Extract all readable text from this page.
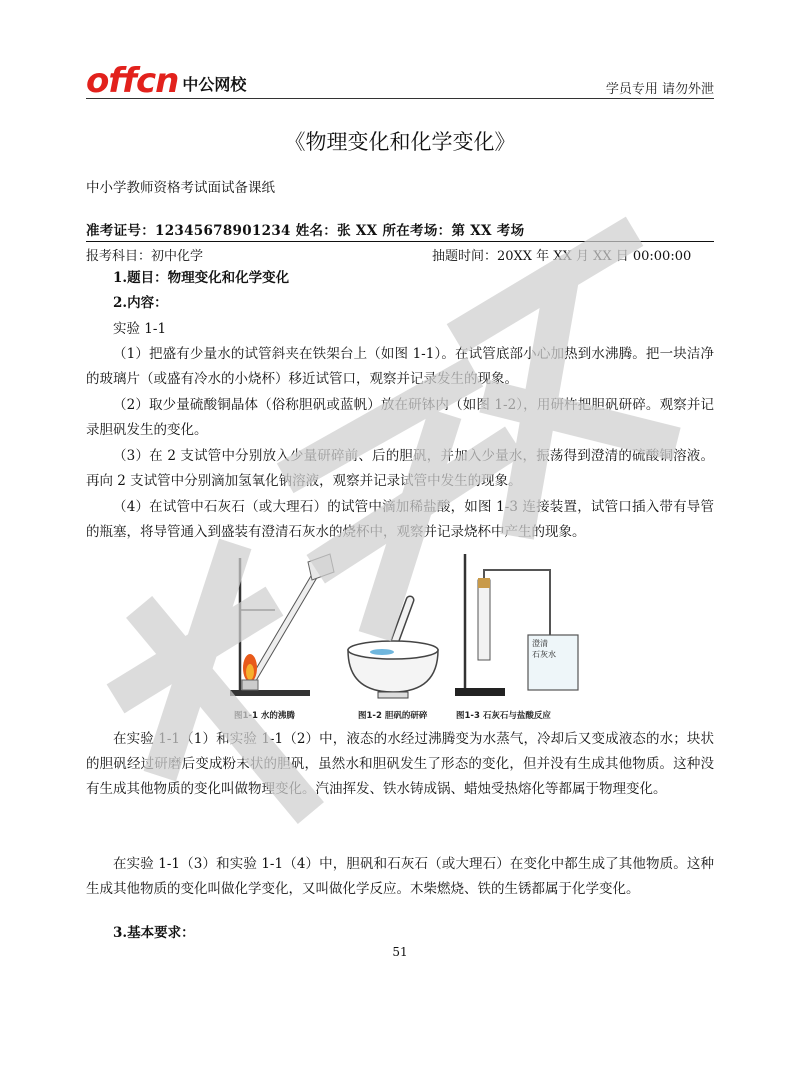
offcn 中公网校	学员专用 请勿外泄
《物理变化和化学变化》
中小学教师资格考试面试备课纸
准考证号：12345678901234 姓名：张 XX 所在考场：第 XX 考场
报考科目：初中化学	抽题时间：20XX 年 XX 月 XX 日 00:00:00
1.题目：物理变化和化学变化
2.内容：
实验 1-1
（1）把盛有少量水的试管斜夹在铁架台上（如图 1-1）。在试管底部小心加热到水沸腾。把一块洁净的玻璃片（或盛有冷水的小烧杯）移近试管口，观察并记录发生的现象。
（2）取少量硫酸铜晶体（俗称胆矾或蓝帆）放在研钵内（如图 1-2），用研杵把胆矾研碎。观察并记录胆矾发生的变化。
（3）在 2 支试管中分别放入少量研碎前、后的胆矾，并加入少量水，振荡得到澄清的硫酸铜溶液。再向 2 支试管中分别滴加氢氧化钠溶液，观察并记录试管中发生的现象。
（4）在试管中石灰石（或大理石）的试管中滴加稀盐酸，如图 1-3 连接装置，试管口插入带有导管的瓶塞，将导管通入到盛装有澄清石灰水的烧杯中，观察并记录烧杯中产生的现象。
图1-1 水的沸腾	图1-2 胆矾的研碎
澄清
石灰水
图1-3 石灰石与盐酸反应
在实验 1-1（1）和实验 1-1（2）中，液态的水经过沸腾变为水蒸气，冷却后又变成液态的水；块状的胆矾经过研磨后变成粉末状的胆矾，虽然水和胆矾发生了形态的变化，但并没有生成其他物质。这种没有生成其他物质的变化叫做物理变化。汽油挥发、铁水铸成锅、蜡烛受热熔化等都属于物理变化。
在实验 1-1（3）和实验 1-1（4）中，胆矾和石灰石（或大理石）在变化中都生成了其他物质。这种生成其他物质的变化叫做化学变化，又叫做化学反应。木柴燃烧、铁的生锈都属于化学变化。
3.基本要求：
51
